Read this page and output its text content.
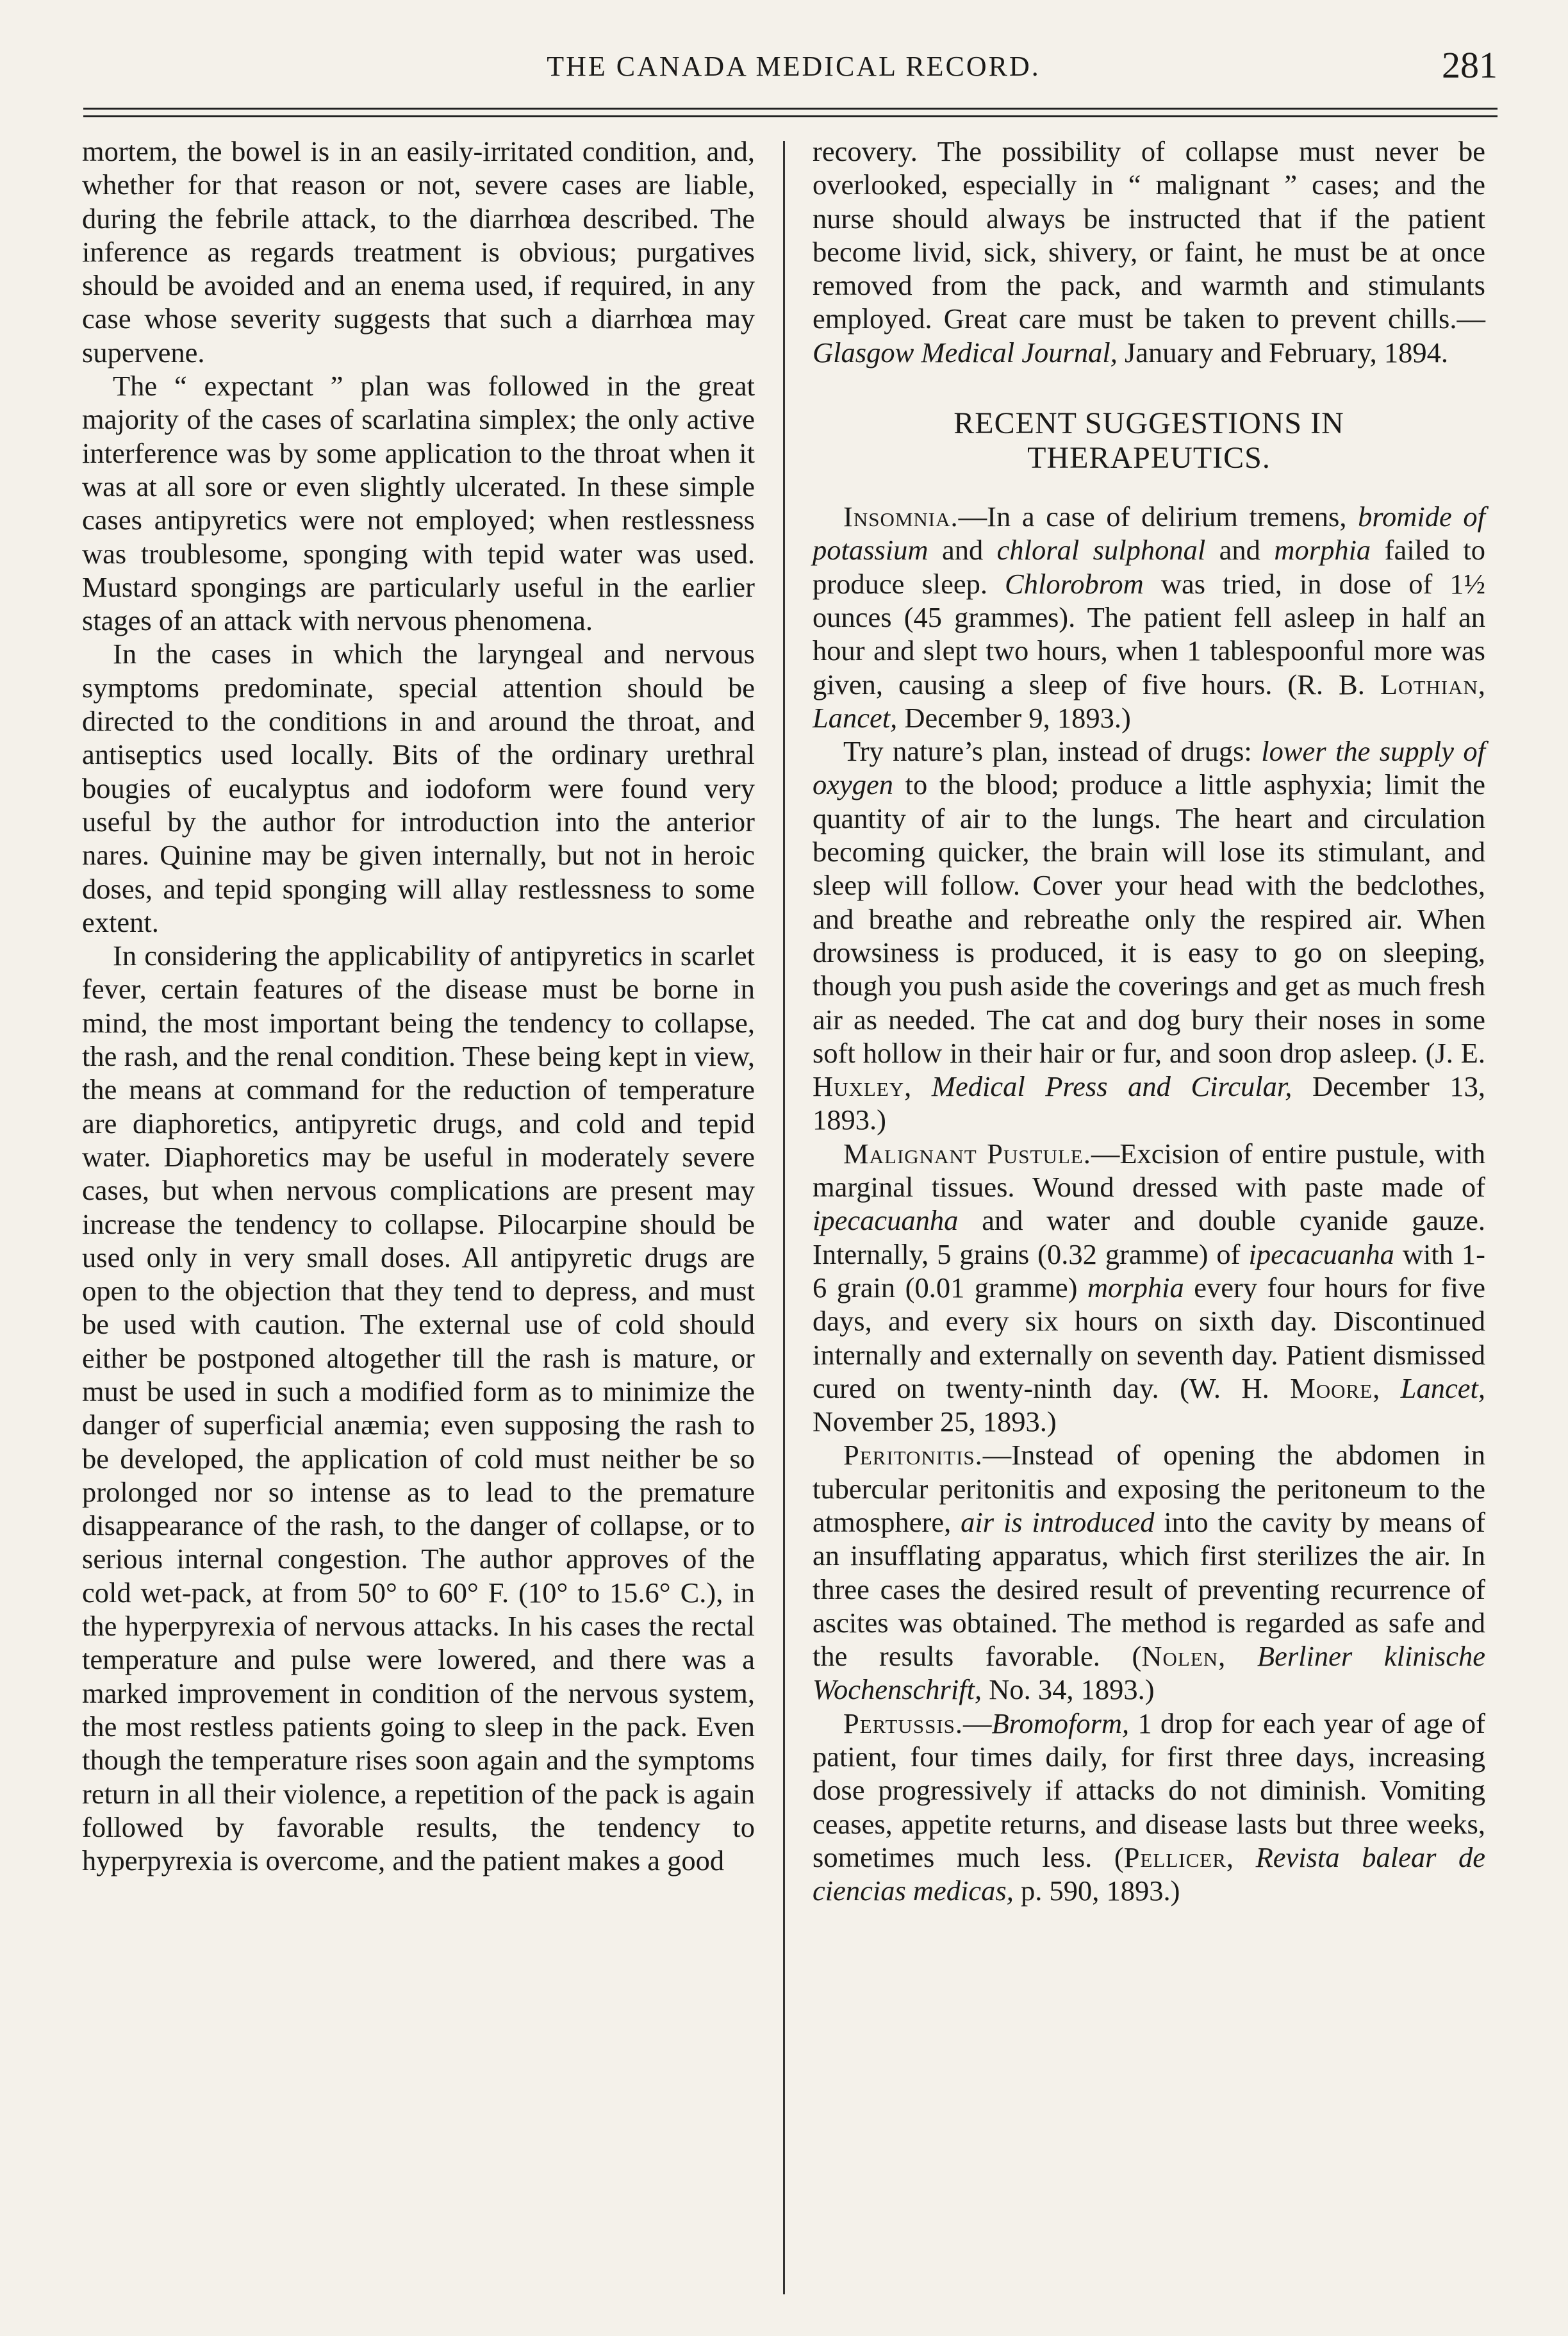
THE CANADA MEDICAL RECORD.	281

mortem, the bowel is in an easily-irritated condition, and, whether for that reason or not, severe cases are liable, during the febrile attack, to the diarrhœa described. The inference as regards treatment is obvious; purgatives should be avoided and an enema used, if required, in any case whose severity suggests that such a diarrhœa may supervene.

The “ expectant ” plan was followed in the great majority of the cases of scarlatina simplex; the only active interference was by some application to the throat when it was at all sore or even slightly ulcerated. In these simple cases antipyretics were not employed; when restlessness was troublesome, sponging with tepid water was used. Mustard spongings are particularly useful in the earlier stages of an attack with nervous phenomena.

In the cases in which the laryngeal and nervous symptoms predominate, special attention should be directed to the conditions in and around the throat, and antiseptics used locally. Bits of the ordinary urethral bougies of eucalyptus and iodoform were found very useful by the author for introduction into the anterior nares. Quinine may be given internally, but not in heroic doses, and tepid sponging will allay restlessness to some extent.

In considering the applicability of antipyretics in scarlet fever, certain features of the disease must be borne in mind, the most important being the tendency to collapse, the rash, and the renal condition. These being kept in view, the means at command for the reduction of temperature are diaphoretics, antipyretic drugs, and cold and tepid water. Diaphoretics may be useful in moderately severe cases, but when nervous complications are present may increase the tendency to collapse. Pilocarpine should be used only in very small doses. All antipyretic drugs are open to the objection that they tend to depress, and must be used with caution. The external use of cold should either be postponed altogether till the rash is mature, or must be used in such a modified form as to minimize the danger of superficial anæmia; even supposing the rash to be developed, the application of cold must neither be so prolonged nor so intense as to lead to the premature disappearance of the rash, to the danger of collapse, or to serious internal congestion. The author approves of the cold wet-pack, at from 50° to 60° F. (10° to 15.6° C.), in the hyperpyrexia of nervous attacks. In his cases the rectal temperature and pulse were lowered, and there was a marked improvement in condition of the nervous system, the most restless patients going to sleep in the pack. Even though the temperature rises soon again and the symptoms return in all their violence, a repetition of the pack is again followed by favorable results, the tendency to hyperpyrexia is overcome, and the patient makes a good

recovery. The possibility of collapse must never be overlooked, especially in “ malignant ” cases; and the nurse should always be instructed that if the patient become livid, sick, shivery, or faint, he must be at once removed from the pack, and warmth and stimulants employed. Great care must be taken to prevent chills.—Glasgow Medical Journal, January and February, 1894.

RECENT SUGGESTIONS IN THERAPEUTICS.

Insomnia.—In a case of delirium tremens, bromide of potassium and chloral sulphonal and morphia failed to produce sleep. Chlorobrom was tried, in dose of 1½ ounces (45 grammes). The patient fell asleep in half an hour and slept two hours, when 1 tablespoonful more was given, causing a sleep of five hours. (R. B. Lothian, Lancet, December 9, 1893.)

Try nature’s plan, instead of drugs: lower the supply of oxygen to the blood; produce a little asphyxia; limit the quantity of air to the lungs. The heart and circulation becoming quicker, the brain will lose its stimulant, and sleep will follow. Cover your head with the bedclothes, and breathe and rebreathe only the respired air. When drowsiness is produced, it is easy to go on sleeping, though you push aside the coverings and get as much fresh air as needed. The cat and dog bury their noses in some soft hollow in their hair or fur, and soon drop asleep. (J. E. Huxley, Medical Press and Circular, December 13, 1893.)

Malignant Pustule.—Excision of entire pustule, with marginal tissues. Wound dressed with paste made of ipecacuanha and water and double cyanide gauze. Internally, 5 grains (0.32 gramme) of ipecacuanha with 1-6 grain (0.01 gramme) morphia every four hours for five days, and every six hours on sixth day. Discontinued internally and externally on seventh day. Patient dismissed cured on twenty-ninth day. (W. H. Moore, Lancet, November 25, 1893.)

Peritonitis.—Instead of opening the abdomen in tubercular peritonitis and exposing the peritoneum to the atmosphere, air is introduced into the cavity by means of an insufflating apparatus, which first sterilizes the air. In three cases the desired result of preventing recurrence of ascites was obtained. The method is regarded as safe and the results favorable. (Nolen, Berliner klinische Wochenschrift, No. 34, 1893.)

Pertussis.—Bromoform, 1 drop for each year of age of patient, four times daily, for first three days, increasing dose progressively if attacks do not diminish. Vomiting ceases, appetite returns, and disease lasts but three weeks, sometimes much less. (Pellicer, Revista balear de ciencias medicas, p. 590, 1893.)
